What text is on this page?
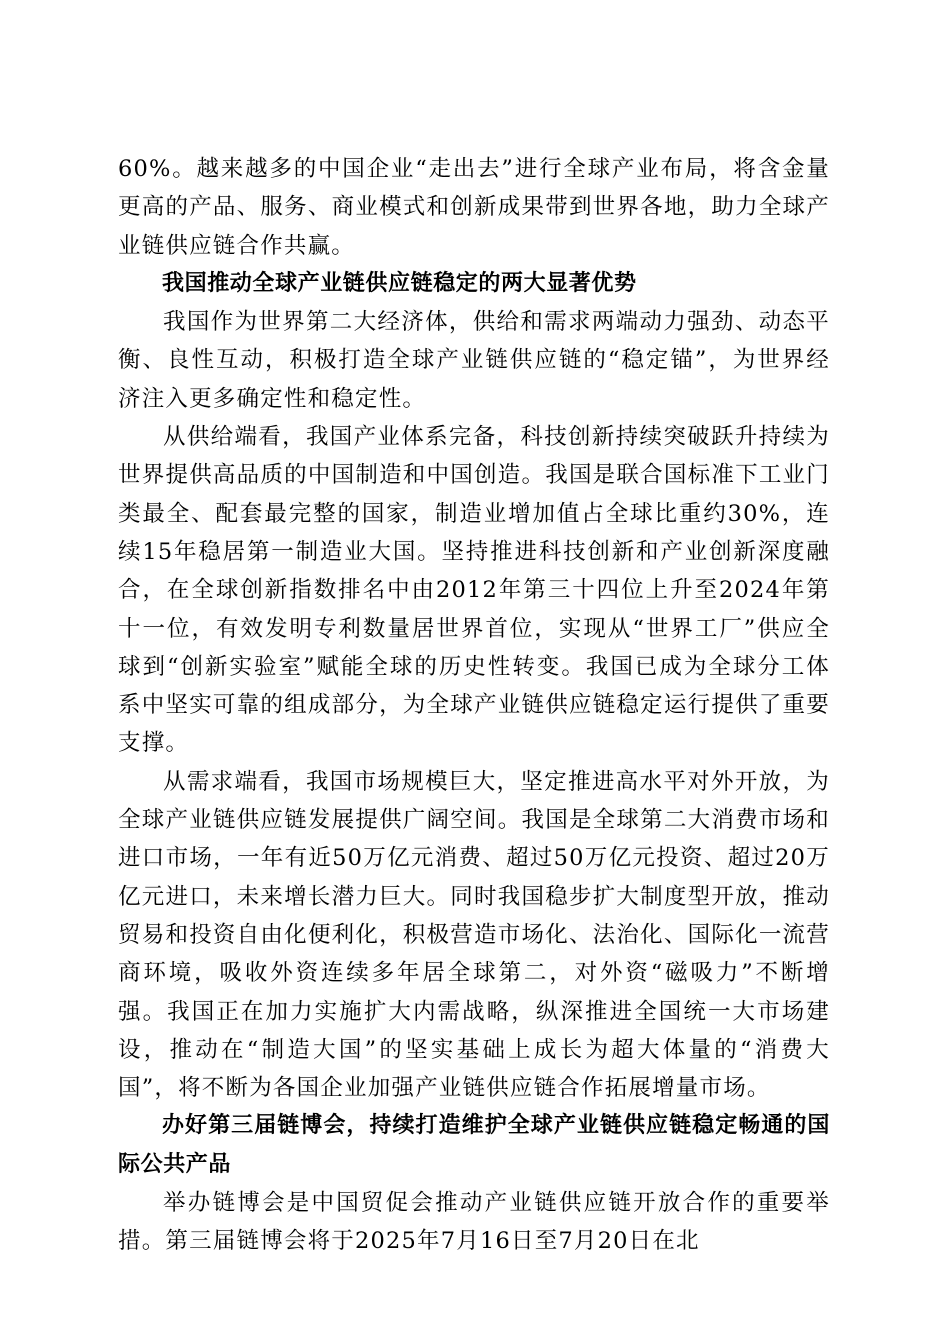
60%。越来越多的中国企业“走出去”进行全球产业布局，将含金量更高的产品、服务、商业模式和创新成果带到世界各地，助力全球产业链供应链合作共赢。

我国推动全球产业链供应链稳定的两大显著优势

我国作为世界第二大经济体，供给和需求两端动力强劲、动态平衡、良性互动，积极打造全球产业链供应链的“稳定锚”，为世界经济注入更多确定性和稳定性。

从供给端看，我国产业体系完备，科技创新持续突破跃升持续为世界提供高品质的中国制造和中国创造。我国是联合国标准下工业门类最全、配套最完整的国家，制造业增加值占全球比重约30%，连续15年稳居第一制造业大国。坚持推进科技创新和产业创新深度融合，在全球创新指数排名中由2012年第三十四位上升至2024年第十一位，有效发明专利数量居世界首位，实现从“世界工厂”供应全球到“创新实验室”赋能全球的历史性转变。我国已成为全球分工体系中坚实可靠的组成部分，为全球产业链供应链稳定运行提供了重要支撑。

从需求端看，我国市场规模巨大，坚定推进高水平对外开放，为全球产业链供应链发展提供广阔空间。我国是全球第二大消费市场和进口市场，一年有近50万亿元消费、超过50万亿元投资、超过20万亿元进口，未来增长潜力巨大。同时我国稳步扩大制度型开放，推动贸易和投资自由化便利化，积极营造市场化、法治化、国际化一流营商环境，吸收外资连续多年居全球第二，对外资“磁吸力”不断增强。我国正在加力实施扩大内需战略，纵深推进全国统一大市场建设，推动在“制造大国”的坚实基础上成长为超大体量的“消费大国”，将不断为各国企业加强产业链供应链合作拓展增量市场。

办好第三届链博会，持续打造维护全球产业链供应链稳定畅通的国际公共产品

举办链博会是中国贸促会推动产业链供应链开放合作的重要举措。第三届链博会将于2025年7月16日至7月20日在北
